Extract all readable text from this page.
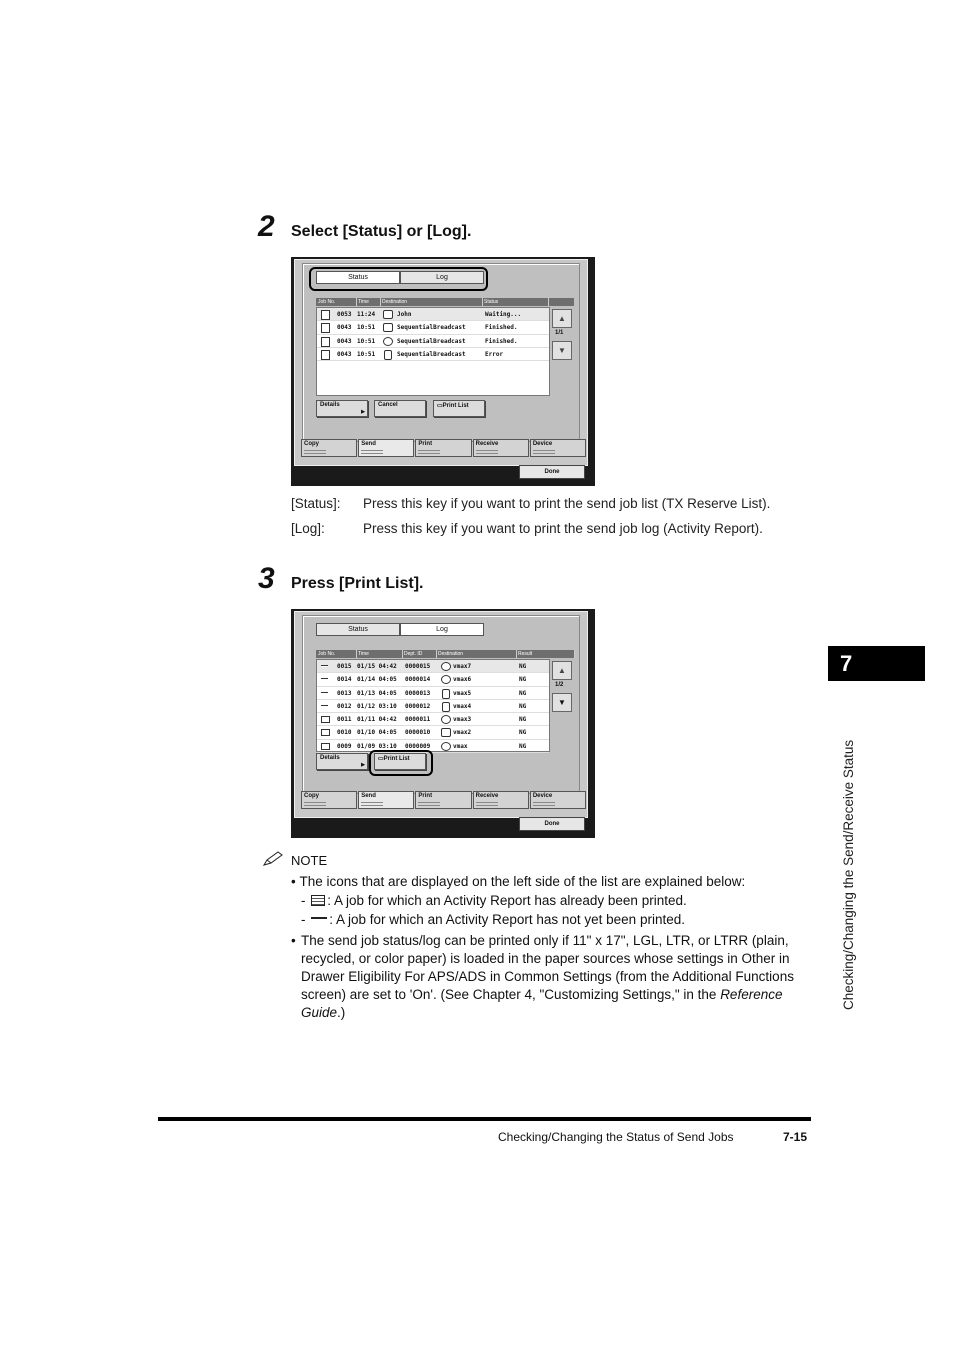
2	Select [Status] or [Log].
Status	Log
Job No.	Time	Destination	Status
0053 11:24	John	Waiting...
0043 10:51	SequentialBreadcast	Finished.
0043 10:51	SequentialBreadcast	Finished.
0043 10:51	SequentialBreadcast	Error
▲
1/1
▼
Details
▶
Cancel	▭Print List
Copy	Send	Print	Receive	Device
Done
[Status]: Press this key if you want to print the send job list (TX Reserve List).
[Log]:	Press this key if you want to print the send job log (Activity Report).
3	Press [Print List].
Status	Log
Job No.	Time	Dept. ID	Destination	Result
0015 01/15 04:42 0000015	vmax7	NG
0014 01/14 04:05 0000014	vmax6	NG
0013 01/13 04:05 0000013	vmax5	NG
0012 01/12 03:10 0000012	vmax4	NG
0011 01/11 04:42 0000011	vmax3	NG
0010 01/10 04:05 0000010	vmax2	NG
0009 01/09 03:10 0000009	vmax	NG
▲
1/2
▼
Details
▶
▭Print List
Copy	Send	Print	Receive	Device
Done
NOTE
• The icons that are displayed on the left side of the list are explained below:
- : A job for which an Activity Report has already been printed.
- : A job for which an Activity Report has not yet been printed.
• The send job status/log can be printed only if 11" x 17", LGL, LTR, or LTRR (plain,
recycled, or color paper) is loaded in the paper sources whose settings in Other in
Drawer Eligibility For APS/ADS in Common Settings (from the Additional Functions
screen) are set to 'On'. (See Chapter 4, "Customizing Settings," in the Reference
Guide.)
7
Checking/Changing the Send/Receive Status
Checking/Changing the Status of Send Jobs	7-15
